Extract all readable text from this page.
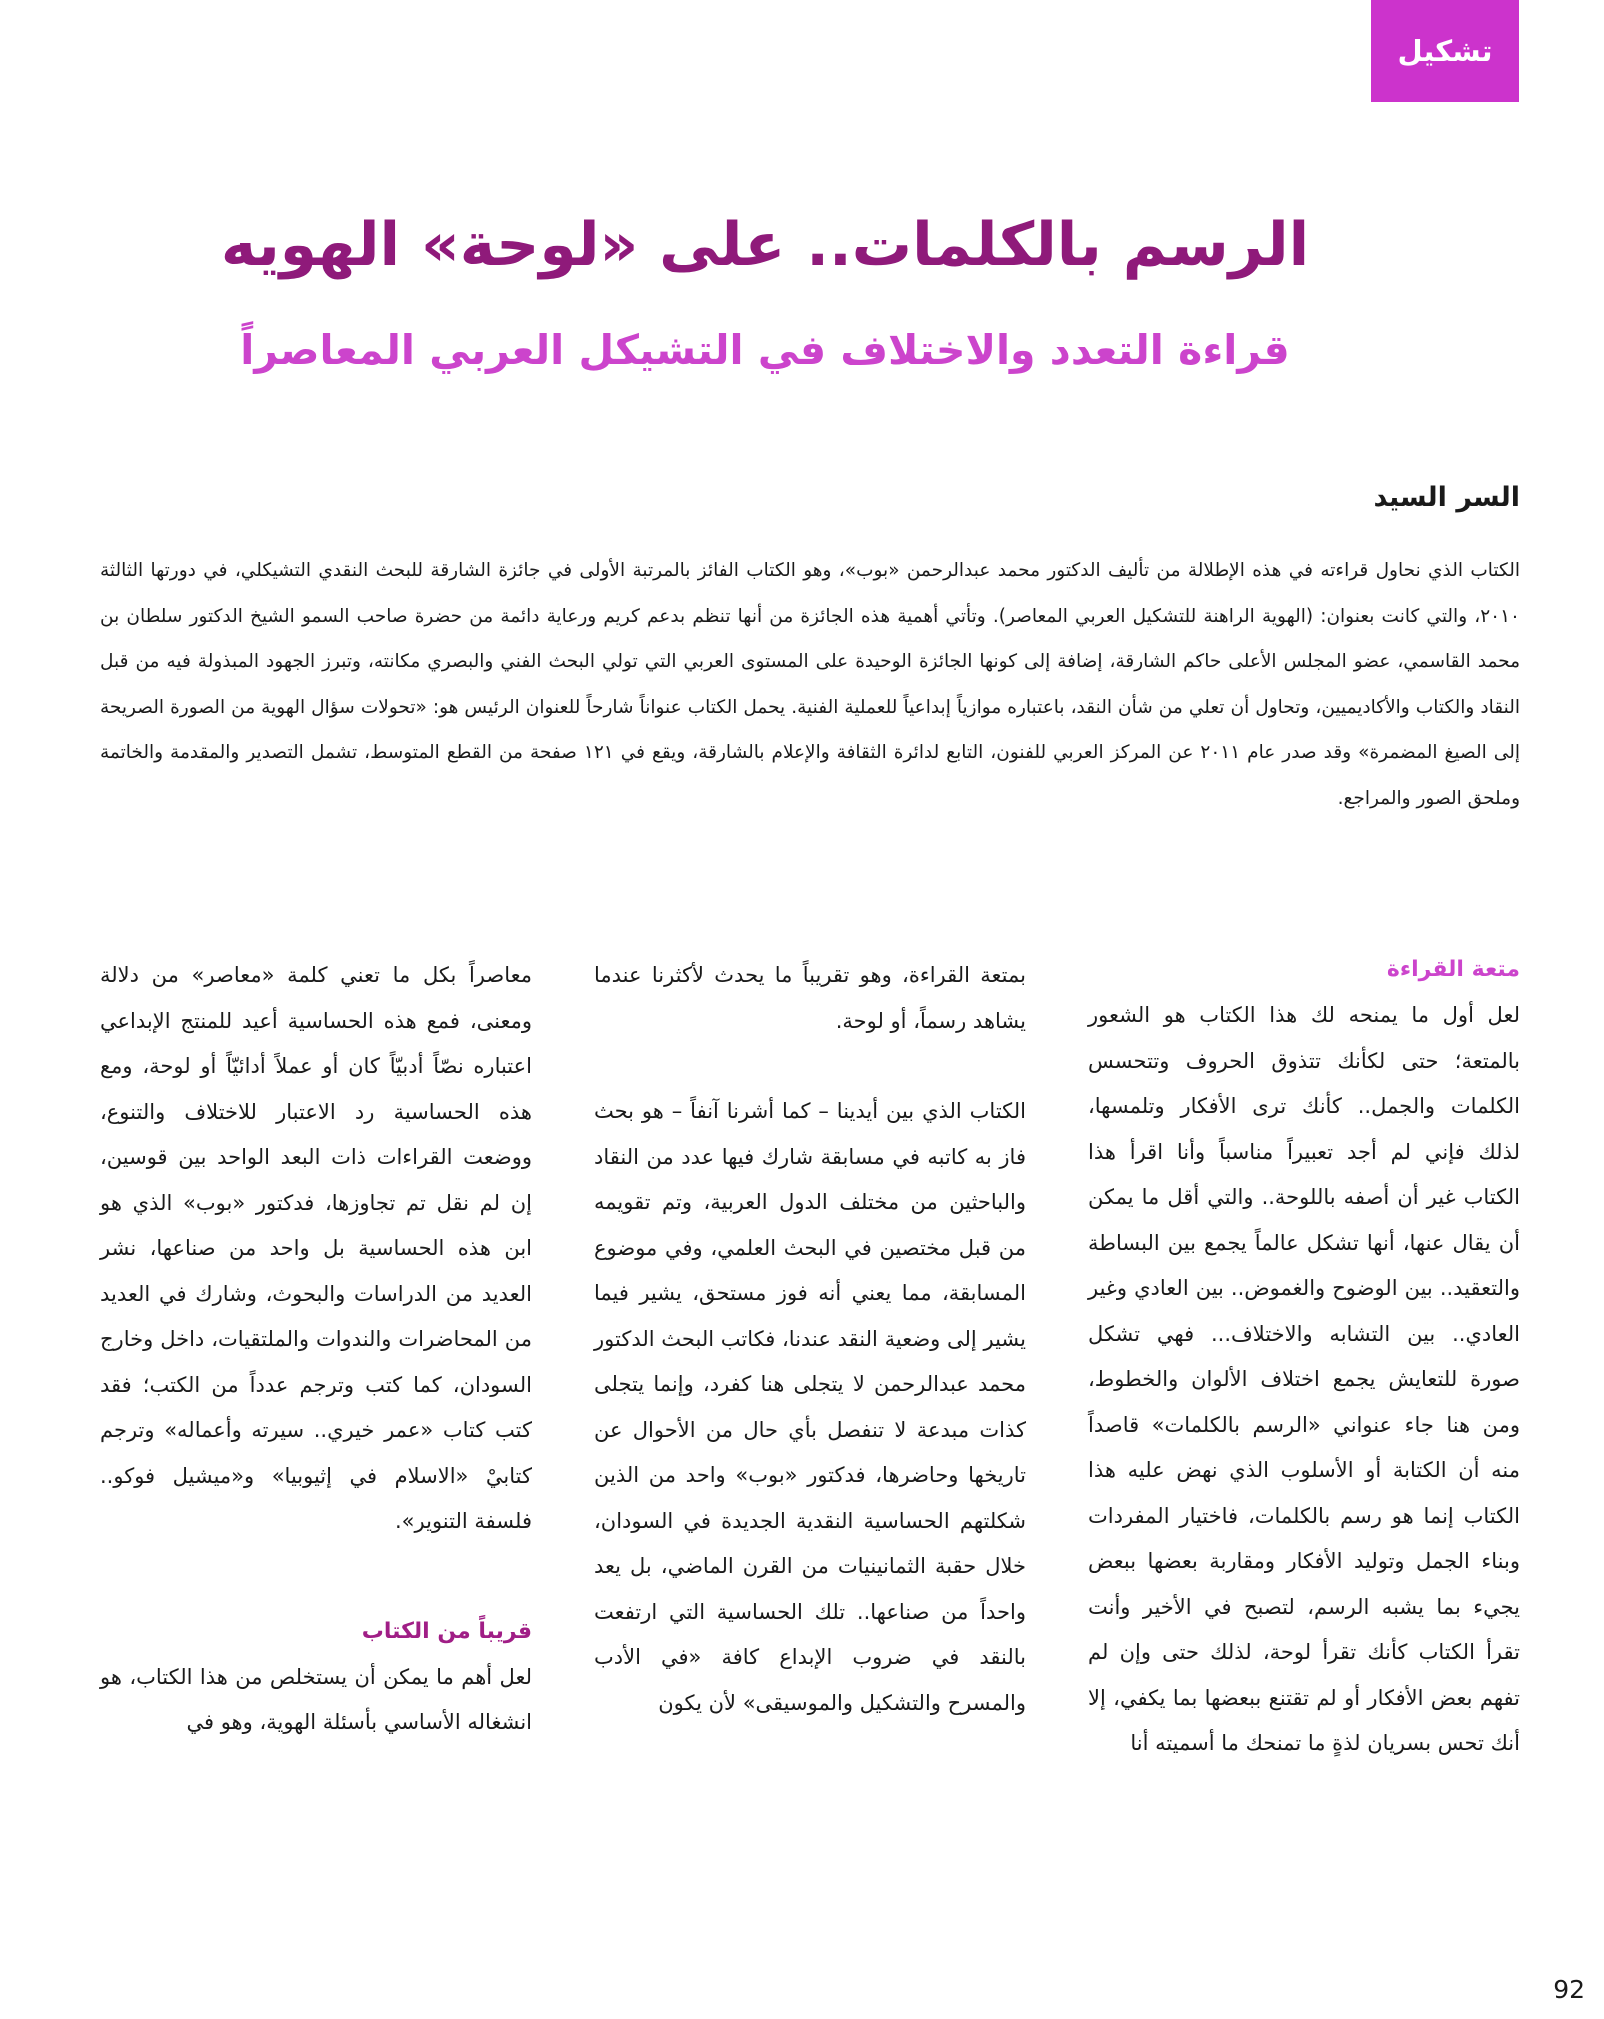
تشكيل
الرسم بالكلمات.. على «لوحة» الهويه
قراءة التعدد والاختلاف في التشيكل العربي المعاصراً
السر السيد

الكتاب الذي نحاول قراءته في هذه الإطلالة من تأليف الدكتور محمد عبدالرحمن «بوب»، وهو الكتاب الفائز بالمرتبة الأولى في جائزة الشارقة للبحث النقدي التشيكلي، في دورتها الثالثة ٢٠١٠، والتي كانت بعنوان: (الهوية الراهنة للتشكيل العربي المعاصر). وتأتي أهمية هذه الجائزة من أنها تنظم بدعم كريم ورعاية دائمة من حضرة صاحب السمو الشيخ الدكتور سلطان بن محمد القاسمي، عضو المجلس الأعلى حاكم الشارقة، إضافة إلى كونها الجائزة الوحيدة على المستوى العربي التي تولي البحث الفني والبصري مكانته، وتبرز الجهود المبذولة فيه من قبل النقاد والكتاب والأكاديميين، وتحاول أن تعلي من شأن النقد، باعتباره موازياً إبداعياً للعملية الفنية. يحمل الكتاب عنواناً شارحاً للعنوان الرئيس هو: «تحولات سؤال الهوية من الصورة الصريحة إلى الصيغ المضمرة» وقد صدر عام ٢٠١١ عن المركز العربي للفنون، التابع لدائرة الثقافة والإعلام بالشارقة، ويقع في ١٢١ صفحة من القطع المتوسط، تشمل التصدير والمقدمة والخاتمة وملحق الصور والمراجع.

متعة القراءة

لعل أول ما يمنحه لك هذا الكتاب هو الشعور بالمتعة؛ حتى لكأنك تتذوق الحروف وتتحسس الكلمات والجمل.. كأنك ترى الأفكار وتلمسها، لذلك فإني لم أجد تعبيراً مناسباً وأنا اقرأ هذا الكتاب غير أن أصفه باللوحة.. والتي أقل ما يمكن أن يقال عنها، أنها تشكل عالماً يجمع بين البساطة والتعقيد.. بين الوضوح والغموض.. بين العادي وغير العادي.. بين التشابه والاختلاف... فهي تشكل صورة للتعايش يجمع اختلاف الألوان والخطوط، ومن هنا جاء عنواني «الرسم بالكلمات» قاصداً منه أن الكتابة أو الأسلوب الذي نهض عليه هذا الكتاب إنما هو رسم بالكلمات، فاختيار المفردات وبناء الجمل وتوليد الأفكار ومقاربة بعضها ببعض يجيء بما يشبه الرسم، لتصبح في الأخير وأنت تقرأ الكتاب كأنك تقرأ لوحة، لذلك حتى وإن لم تفهم بعض الأفكار أو لم تقتنع ببعضها بما يكفي، إلا أنك تحس بسريان لذةٍ ما تمنحك ما أسميته أنا

بمتعة القراءة، وهو تقريباً ما يحدث لأكثرنا عندما يشاهد رسماً، أو لوحة.

الكتاب الذي بين أيدينا – كما أشرنا آنفاً – هو بحث فاز به كاتبه في مسابقة شارك فيها عدد من النقاد والباحثين من مختلف الدول العربية، وتم تقويمه من قبل مختصين في البحث العلمي، وفي موضوع المسابقة، مما يعني أنه فوز مستحق، يشير فيما يشير إلى وضعية النقد عندنا، فكاتب البحث الدكتور محمد عبدالرحمن لا يتجلى هنا كفرد، وإنما يتجلى كذات مبدعة لا تنفصل بأي حال من الأحوال عن تاريخها وحاضرها، فدكتور «بوب» واحد من الذين شكلتهم الحساسية النقدية الجديدة في السودان، خلال حقبة الثمانينيات من القرن الماضي، بل يعد واحداً من صناعها.. تلك الحساسية التي ارتفعت بالنقد في ضروب الإبداع كافة «في الأدب والمسرح والتشكيل والموسيقى» لأن يكون

معاصراً بكل ما تعني كلمة «معاصر» من دلالة ومعنى، فمع هذه الحساسية أعيد للمنتج الإبداعي اعتباره نصّاً أدبيّاً كان أو عملاً أدائيّاً أو لوحة، ومع هذه الحساسية رد الاعتبار للاختلاف والتنوع، ووضعت القراءات ذات البعد الواحد بين قوسين، إن لم نقل تم تجاوزها، فدكتور «بوب» الذي هو ابن هذه الحساسية بل واحد من صناعها، نشر العديد من الدراسات والبحوث، وشارك في العديد من المحاضرات والندوات والملتقيات، داخل وخارج السودان، كما كتب وترجم عدداً من الكتب؛ فقد كتب كتاب «عمر خيري.. سيرته وأعماله» وترجم كتابيْ «الاسلام في إثيوبيا» و«ميشيل فوكو.. فلسفة التنوير».

قريباً من الكتاب

لعل أهم ما يمكن أن يستخلص من هذا الكتاب، هو انشغاله الأساسي بأسئلة الهوية، وهو في

92
